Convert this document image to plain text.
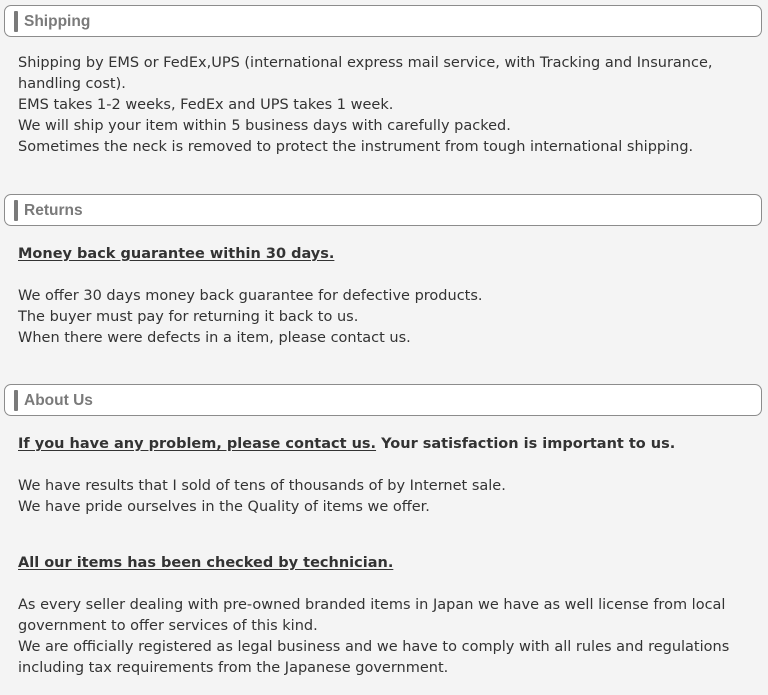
Shipping

Shipping by EMS or FedEx,UPS (international express mail service, with Tracking and Insurance, handling cost).

EMS takes 1-2 weeks, FedEx and UPS takes 1 week.

We will ship your item within 5 business days with carefully packed.

Sometimes the neck is removed to protect the instrument from tough international shipping.

Returns

Money back guarantee within 30 days.

We offer 30 days money back guarantee for defective products.

The buyer must pay for returning it back to us.

When there were defects in a item, please contact us.

About Us

If you have any problem, please contact us. Your satisfaction is important to us.

We have results that I sold of tens of thousands of by Internet sale.

We have pride ourselves in the Quality of items we offer.

All our items has been checked by technician.

As every seller dealing with pre-owned branded items in Japan we have as well license from local government to offer services of this kind.

We are officially registered as legal business and we have to comply with all rules and regulations including tax requirements from the Japanese government.
